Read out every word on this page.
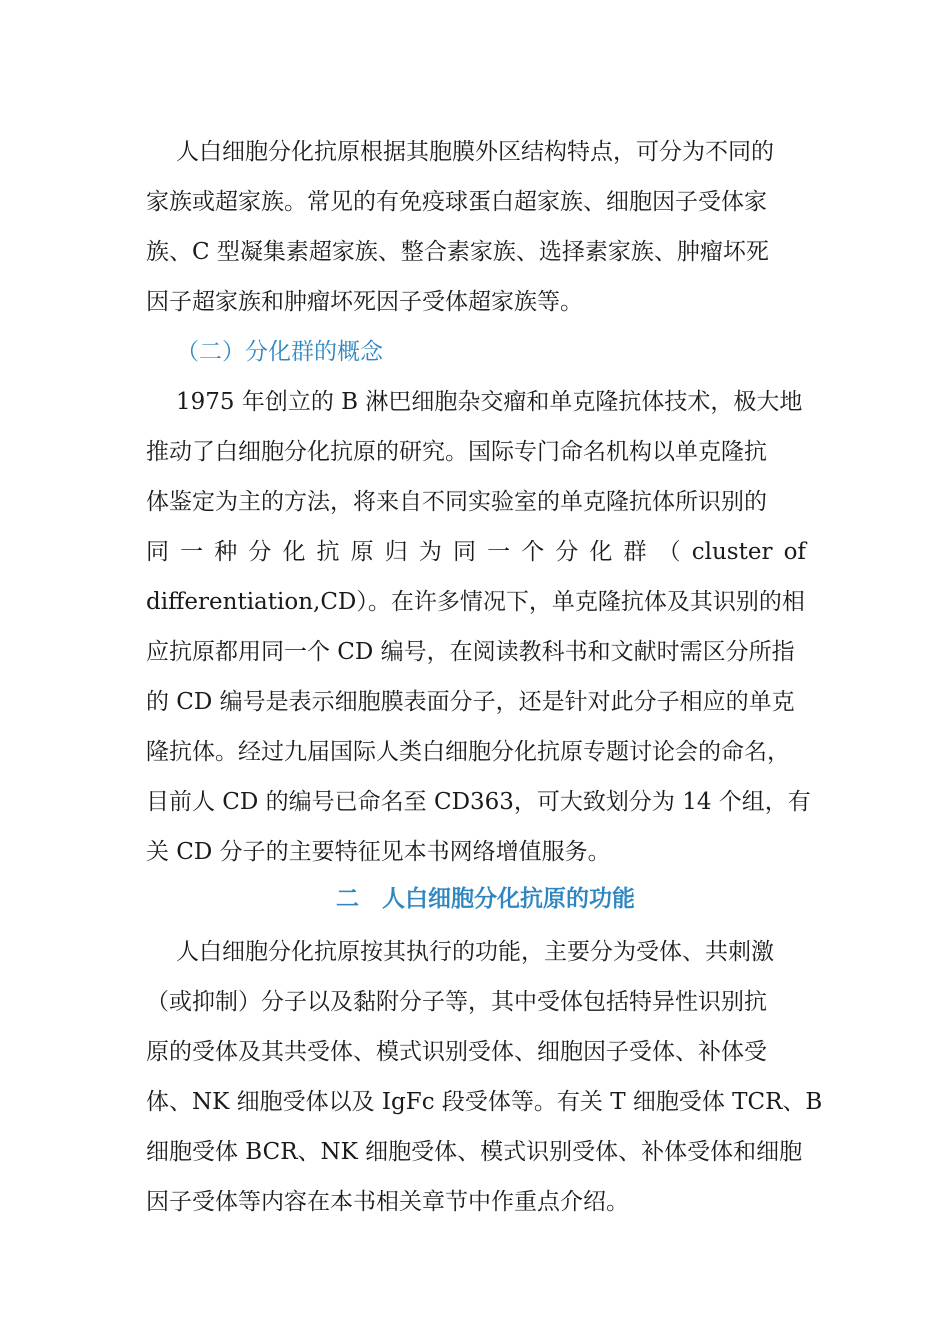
人白细胞分化抗原根据其胞膜外区结构特点，可分为不同的
家族或超家族。常见的有免疫球蛋白超家族、细胞因子受体家
族、C 型凝集素超家族、整合素家族、选择素家族、肿瘤坏死
因子超家族和肿瘤坏死因子受体超家族等。
（二）分化群的概念
1975 年创立的 B 淋巴细胞杂交瘤和单克隆抗体技术，极大地
推动了白细胞分化抗原的研究。国际专门命名机构以单克隆抗
体鉴定为主的方法，将来自不同实验室的单克隆抗体所识别的
同 一 种 分 化 抗 原 归 为 同 一 个 分 化 群 （ cluster of
differentiation,CD）。在许多情况下，单克隆抗体及其识别的相
应抗原都用同一个 CD 编号，在阅读教科书和文献时需区分所指
的 CD 编号是表示细胞膜表面分子，还是针对此分子相应的单克
隆抗体。经过九届国际人类白细胞分化抗原专题讨论会的命名，
目前人 CD 的编号已命名至 CD363，可大致划分为 14 个组，有
关 CD 分子的主要特征见本书网络增值服务。
二　人白细胞分化抗原的功能
人白细胞分化抗原按其执行的功能，主要分为受体、共刺激
（或抑制）分子以及黏附分子等，其中受体包括特异性识别抗
原的受体及其共受体、模式识别受体、细胞因子受体、补体受
体、NK 细胞受体以及 IgFc 段受体等。有关 T 细胞受体 TCR、B
细胞受体 BCR、NK 细胞受体、模式识别受体、补体受体和细胞
因子受体等内容在本书相关章节中作重点介绍。
